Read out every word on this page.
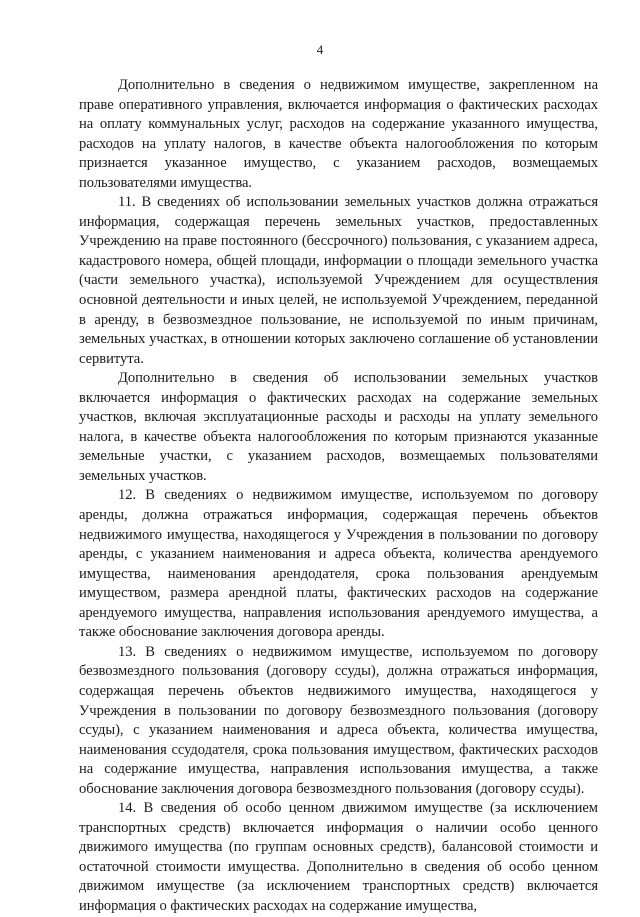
4

Дополнительно в сведения о недвижимом имуществе, закрепленном на праве оперативного управления, включается информация о фактических расходах на оплату коммунальных услуг, расходов на содержание указанного имущества, расходов на уплату налогов, в качестве объекта налогообложения по которым признается указанное имущество, с указанием расходов, возмещаемых пользователями имущества.

11. В сведениях об использовании земельных участков должна отражаться информация, содержащая перечень земельных участков, предоставленных Учреждению на праве постоянного (бессрочного) пользования, с указанием адреса, кадастрового номера, общей площади, информации о площади земельного участка (части земельного участка), используемой Учреждением для осуществления основной деятельности и иных целей, не используемой Учреждением, переданной в аренду, в безвозмездное пользование, не используемой по иным причинам, земельных участках, в отношении которых заключено соглашение об установлении сервитута.

Дополнительно в сведения об использовании земельных участков включается информация о фактических расходах на содержание земельных участков, включая эксплуатационные расходы и расходы на уплату земельного налога, в качестве объекта налогообложения по которым признаются указанные земельные участки, с указанием расходов, возмещаемых пользователями земельных участков.

12. В сведениях о недвижимом имуществе, используемом по договору аренды, должна отражаться информация, содержащая перечень объектов недвижимого имущества, находящегося у Учреждения в пользовании по договору аренды, с указанием наименования и адреса объекта, количества арендуемого имущества, наименования арендодателя, срока пользования арендуемым имуществом, размера арендной платы, фактических расходов на содержание арендуемого имущества, направления использования арендуемого имущества, а также обоснование заключения договора аренды.

13. В сведениях о недвижимом имуществе, используемом по договору безвозмездного пользования (договору ссуды), должна отражаться информация, содержащая перечень объектов недвижимого имущества, находящегося у Учреждения в пользовании по договору безвозмездного пользования (договору ссуды), с указанием наименования и адреса объекта, количества имущества, наименования ссудодателя, срока пользования имуществом, фактических расходов на содержание имущества, направления использования имущества, а также обоснование заключения договора безвозмездного пользования (договору ссуды).

14. В сведения об особо ценном движимом имуществе (за исключением транспортных средств) включается информация о наличии особо ценного движимого имущества (по группам основных средств), балансовой стоимости и остаточной стоимости имущества. Дополнительно в сведения об особо ценном движимом имуществе (за исключением транспортных средств) включается информация о фактических расходах на содержание имущества,
